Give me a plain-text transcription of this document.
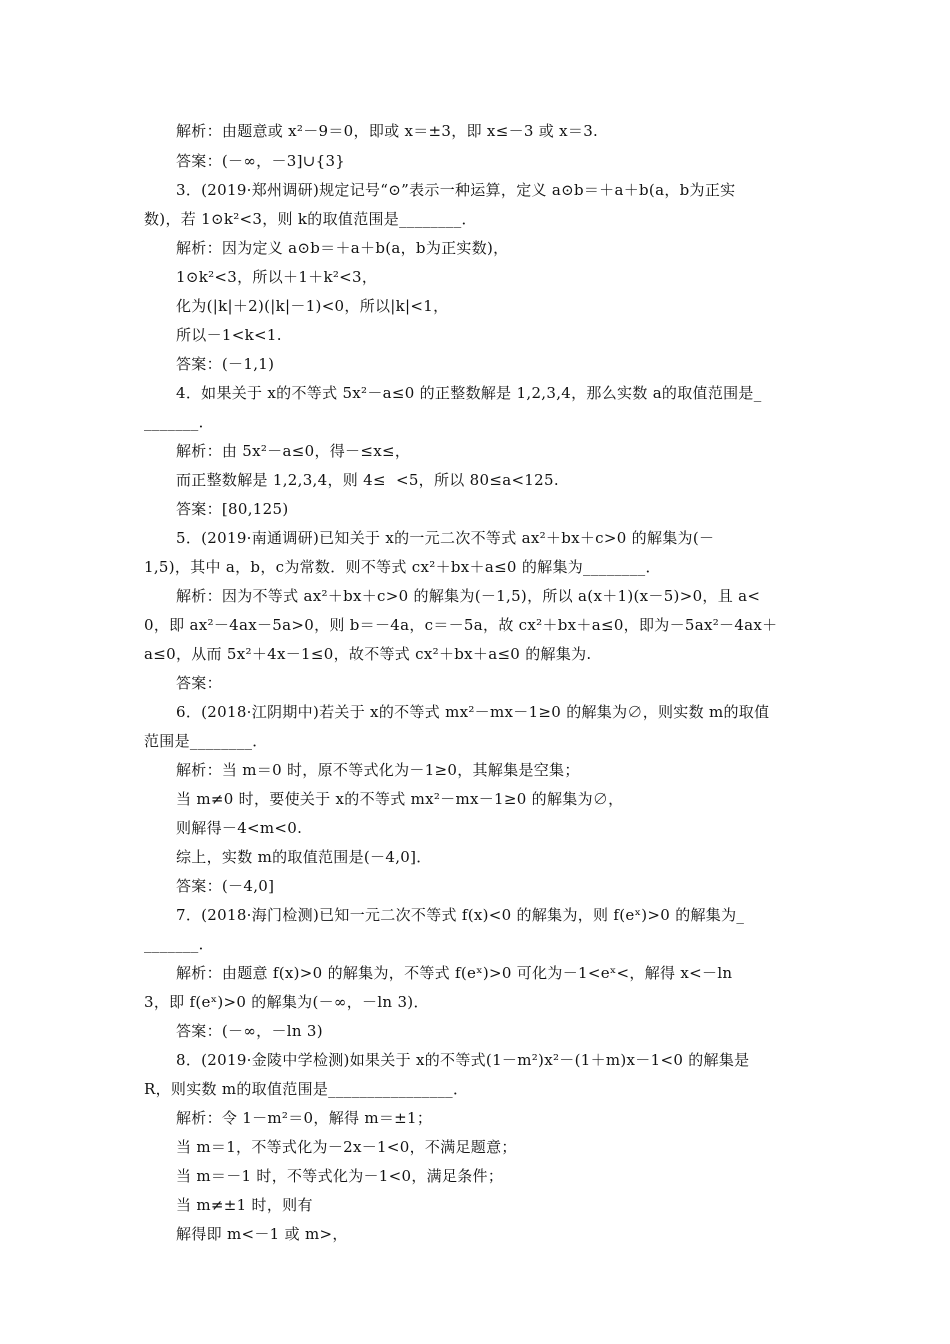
解析：由题意或 x²－9＝0，即或 x＝±3，即 x≤－3 或 x＝3.
答案：(－∞，－3]∪{3}
3．(2019·郑州调研)规定记号“⊙”表示一种运算，定义 a⊙b＝＋a＋b(a，b为正实
数)，若 1⊙k²<3，则 k的取值范围是________．
解析：因为定义 a⊙b＝＋a＋b(a，b为正实数)，
1⊙k²<3，所以＋1＋k²<3，
化为(|k|＋2)(|k|－1)<0，所以|k|<1，
所以－1<k<1.
答案：(－1,1)
4．如果关于 x的不等式 5x²－a≤0 的正整数解是 1,2,3,4，那么实数 a的取值范围是_
_______．
解析：由 5x²－a≤0，得－≤x≤，
而正整数解是 1,2,3,4，则 4≤  <5，所以 80≤a<125.
答案：[80,125)
5．(2019·南通调研)已知关于 x的一元二次不等式 ax²＋bx＋c>0 的解集为(－
1,5)，其中 a，b，c为常数．则不等式 cx²＋bx＋a≤0 的解集为________．
解析：因为不等式 ax²＋bx＋c>0 的解集为(－1,5)，所以 a(x＋1)(x－5)>0，且 a<
0，即 ax²－4ax－5a>0，则 b＝－4a，c＝－5a，故 cx²＋bx＋a≤0，即为－5ax²－4ax＋
a≤0，从而 5x²＋4x－1≤0，故不等式 cx²＋bx＋a≤0 的解集为.
答案：
6．(2018·江阴期中)若关于 x的不等式 mx²－mx－1≥0 的解集为∅，则实数 m的取值
范围是________．
解析：当 m＝0 时，原不等式化为－1≥0，其解集是空集；
当 m≠0 时，要使关于 x的不等式 mx²－mx－1≥0 的解集为∅，
则解得－4<m<0.
综上，实数 m的取值范围是(－4,0]．
答案：(－4,0]
7．(2018·海门检测)已知一元二次不等式 f(x)<0 的解集为，则 f(eˣ)>0 的解集为_
_______．
解析：由题意 f(x)>0 的解集为，不等式 f(eˣ)>0 可化为－1<eˣ<，解得 x<－ln
3，即 f(eˣ)>0 的解集为(－∞，－ln 3)．
答案：(－∞，－ln 3)
8．(2019·金陵中学检测)如果关于 x的不等式(1－m²)x²－(1＋m)x－1<0 的解集是
R，则实数 m的取值范围是________________．
解析：令 1－m²＝0，解得 m＝±1；
当 m＝1，不等式化为－2x－1<0，不满足题意；
当 m＝－1 时，不等式化为－1<0，满足条件；
当 m≠±1 时，则有
解得即 m<－1 或 m>，
